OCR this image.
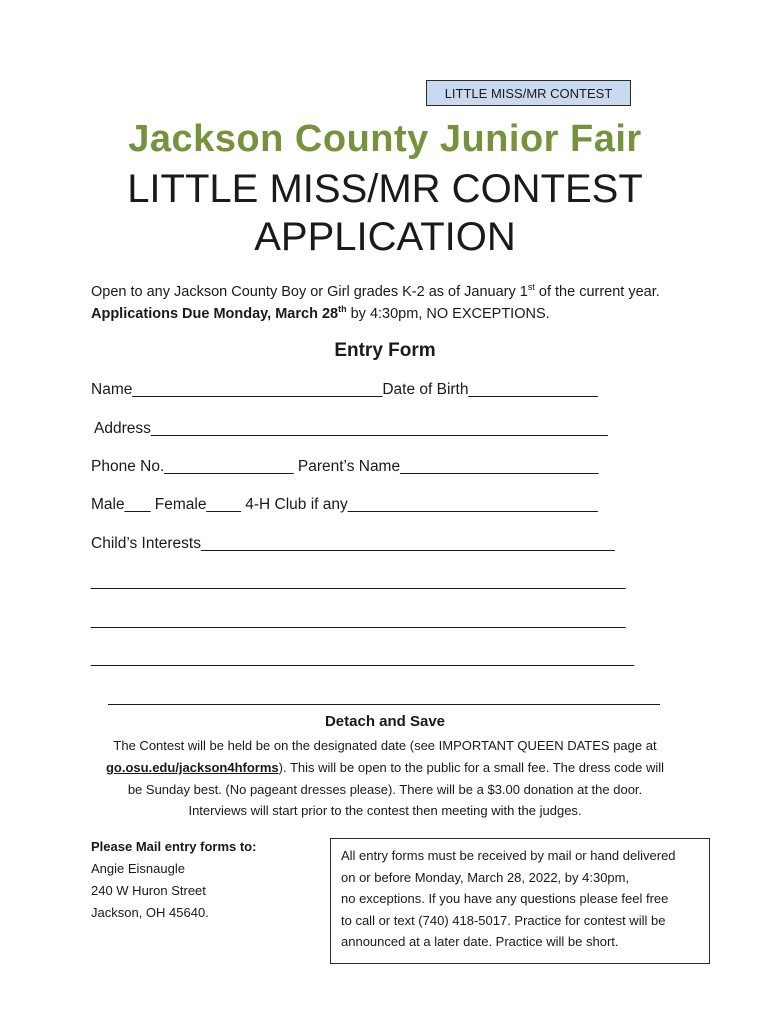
LITTLE MISS/MR CONTEST
Jackson County Junior Fair
LITTLE MISS/MR CONTEST
APPLICATION
Open to any Jackson County Boy or Girl grades K-2 as of January 1st of the current year.
Applications Due Monday, March 28th by 4:30pm, NO EXCEPTIONS.
Entry Form
Name_____________________________Date of Birth_______________
Address_____________________________________________________
Phone No._______________ Parent’s Name_______________________
Male___ Female____ 4-H Club if any_____________________________
Child’s Interests________________________________________________
______________________________________________________________
______________________________________________________________
_______________________________________________________________
Detach and Save
The Contest will be held be on the designated date (see IMPORTANT QUEEN DATES page at
go.osu.edu/jackson4hforms). This will be open to the public for a small fee. The dress code will
be Sunday best. (No pageant dresses please). There will be a $3.00 donation at the door.
Interviews will start prior to the contest then meeting with the judges.
Please Mail entry forms to:
Angie Eisnaugle
240 W Huron Street
Jackson, OH 45640.
All entry forms must be received by mail or hand delivered
on or before Monday, March 28, 2022, by 4:30pm,
no exceptions. If you have any questions please feel free
to call or text (740) 418-5017. Practice for contest will be
announced at a later date. Practice will be short.
